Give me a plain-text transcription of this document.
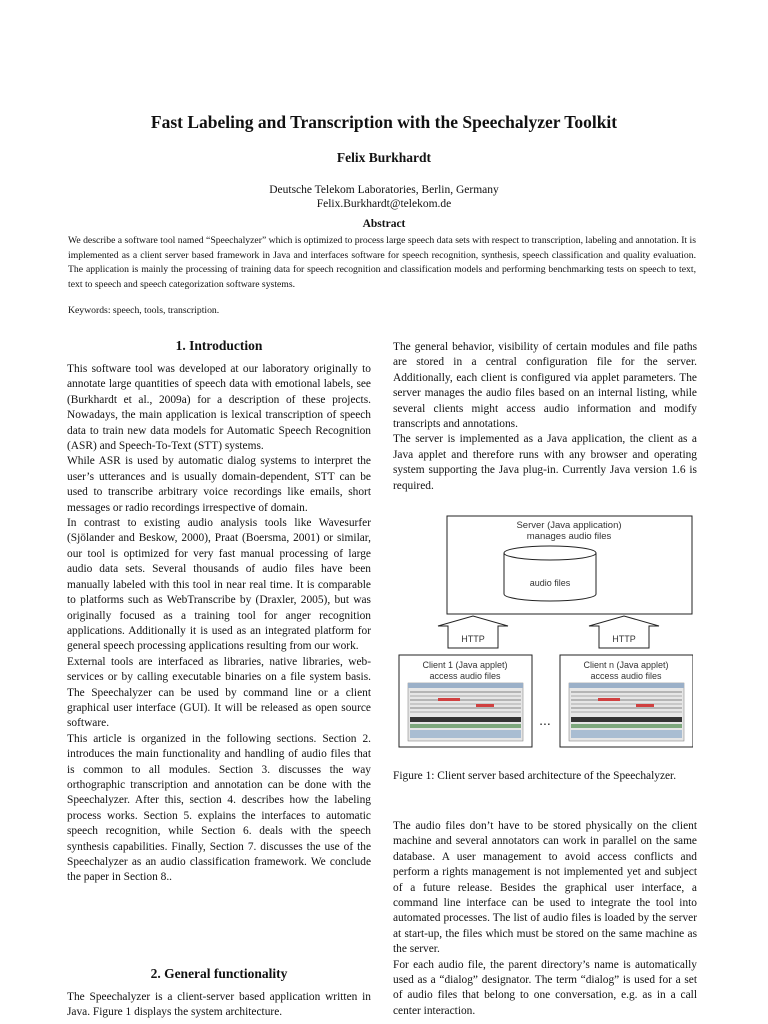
Fast Labeling and Transcription with the Speechalyzer Toolkit
Felix Burkhardt
Deutsche Telekom Laboratories, Berlin, Germany
Felix.Burkhardt@telekom.de
Abstract
We describe a software tool named “Speechalyzer” which is optimized to process large speech data sets with respect to transcription, labeling and annotation. It is implemented as a client server based framework in Java and interfaces software for speech recognition, synthesis, speech classification and quality evaluation. The application is mainly the processing of training data for speech recognition and classification models and performing benchmarking tests on speech to text, text to speech and speech categorization software systems.
Keywords: speech, tools, transcription.
1. Introduction

This software tool was developed at our laboratory originally to annotate large quantities of speech data with emotional labels, see (Burkhardt et al., 2009a) for a description of these projects. Nowadays, the main application is lexical transcription of speech data to train new data models for Automatic Speech Recognition (ASR) and Speech-To-Text (STT) systems.

While ASR is used by automatic dialog systems to interpret the user’s utterances and is usually domain-dependent, STT can be used to transcribe arbitrary voice recordings like emails, short messages or radio recordings irrespective of domain.

In contrast to existing audio analysis tools like Wavesurfer (Sjölander and Beskow, 2000), Praat (Boersma, 2001) or similar, our tool is optimized for very fast manual processing of large audio data sets. Several thousands of audio files have been manually labeled with this tool in near real time. It is comparable to platforms such as WebTranscribe by (Draxler, 2005), but was originally focused as a training tool for anger recognition applications. Additionally it is used as an integrated platform for general speech processing applications resulting from our work.

External tools are interfaced as libraries, native libraries, web-services or by calling executable binaries on a file system basis. The Speechalyzer can be used by command line or a client graphical user interface (GUI). It will be released as open source software.

This article is organized in the following sections. Section 2. introduces the main functionality and handling of audio files that is common to all modules. Section 3. discusses the way orthographic transcription and annotation can be done with the Speechalyzer. After this, section 4. describes how the labeling process works. Section 5. explains the interfaces to automatic speech recognition, while Section 6. deals with the speech synthesis capabilities. Finally, Section 7. discusses the use of the Speechalyzer as an audio classification framework. We conclude the paper in Section 8..

2. General functionality
The Speechalyzer is a client-server based application written in Java. Figure 1 displays the system architecture.

The general behavior, visibility of certain modules and file paths are stored in a central configuration file for the server. Additionally, each client is configured via applet parameters. The server manages the audio files based on an internal listing, while several clients might access audio information and modify transcripts and annotations.

The server is implemented as a Java application, the client as a Java applet and therefore runs with any browser and operating system supporting the Java plug-in. Currently Java version 1.6 is required.

Server (Java application)
manages audio files
audio files
HTTP	HTTP
Client 1 (Java applet)
access audio files
...
Client n (Java applet)
access audio files
Figure 1: Client server based architecture of the Speechalyzer.

The audio files don’t have to be stored physically on the client machine and several annotators can work in parallel on the same database. A user management to avoid access conflicts and perform a rights management is not implemented yet and subject of a future release. Besides the graphical user interface, a command line interface can be used to integrate the tool into automated processes. The list of audio files is loaded by the server at start-up, the files which must be stored on the same machine as the server.

For each audio file, the parent directory’s name is automatically used as a “dialog” designator. The term “dialog” is used for a set of audio files that belong to one conversation, e.g. as in a call center interaction.
